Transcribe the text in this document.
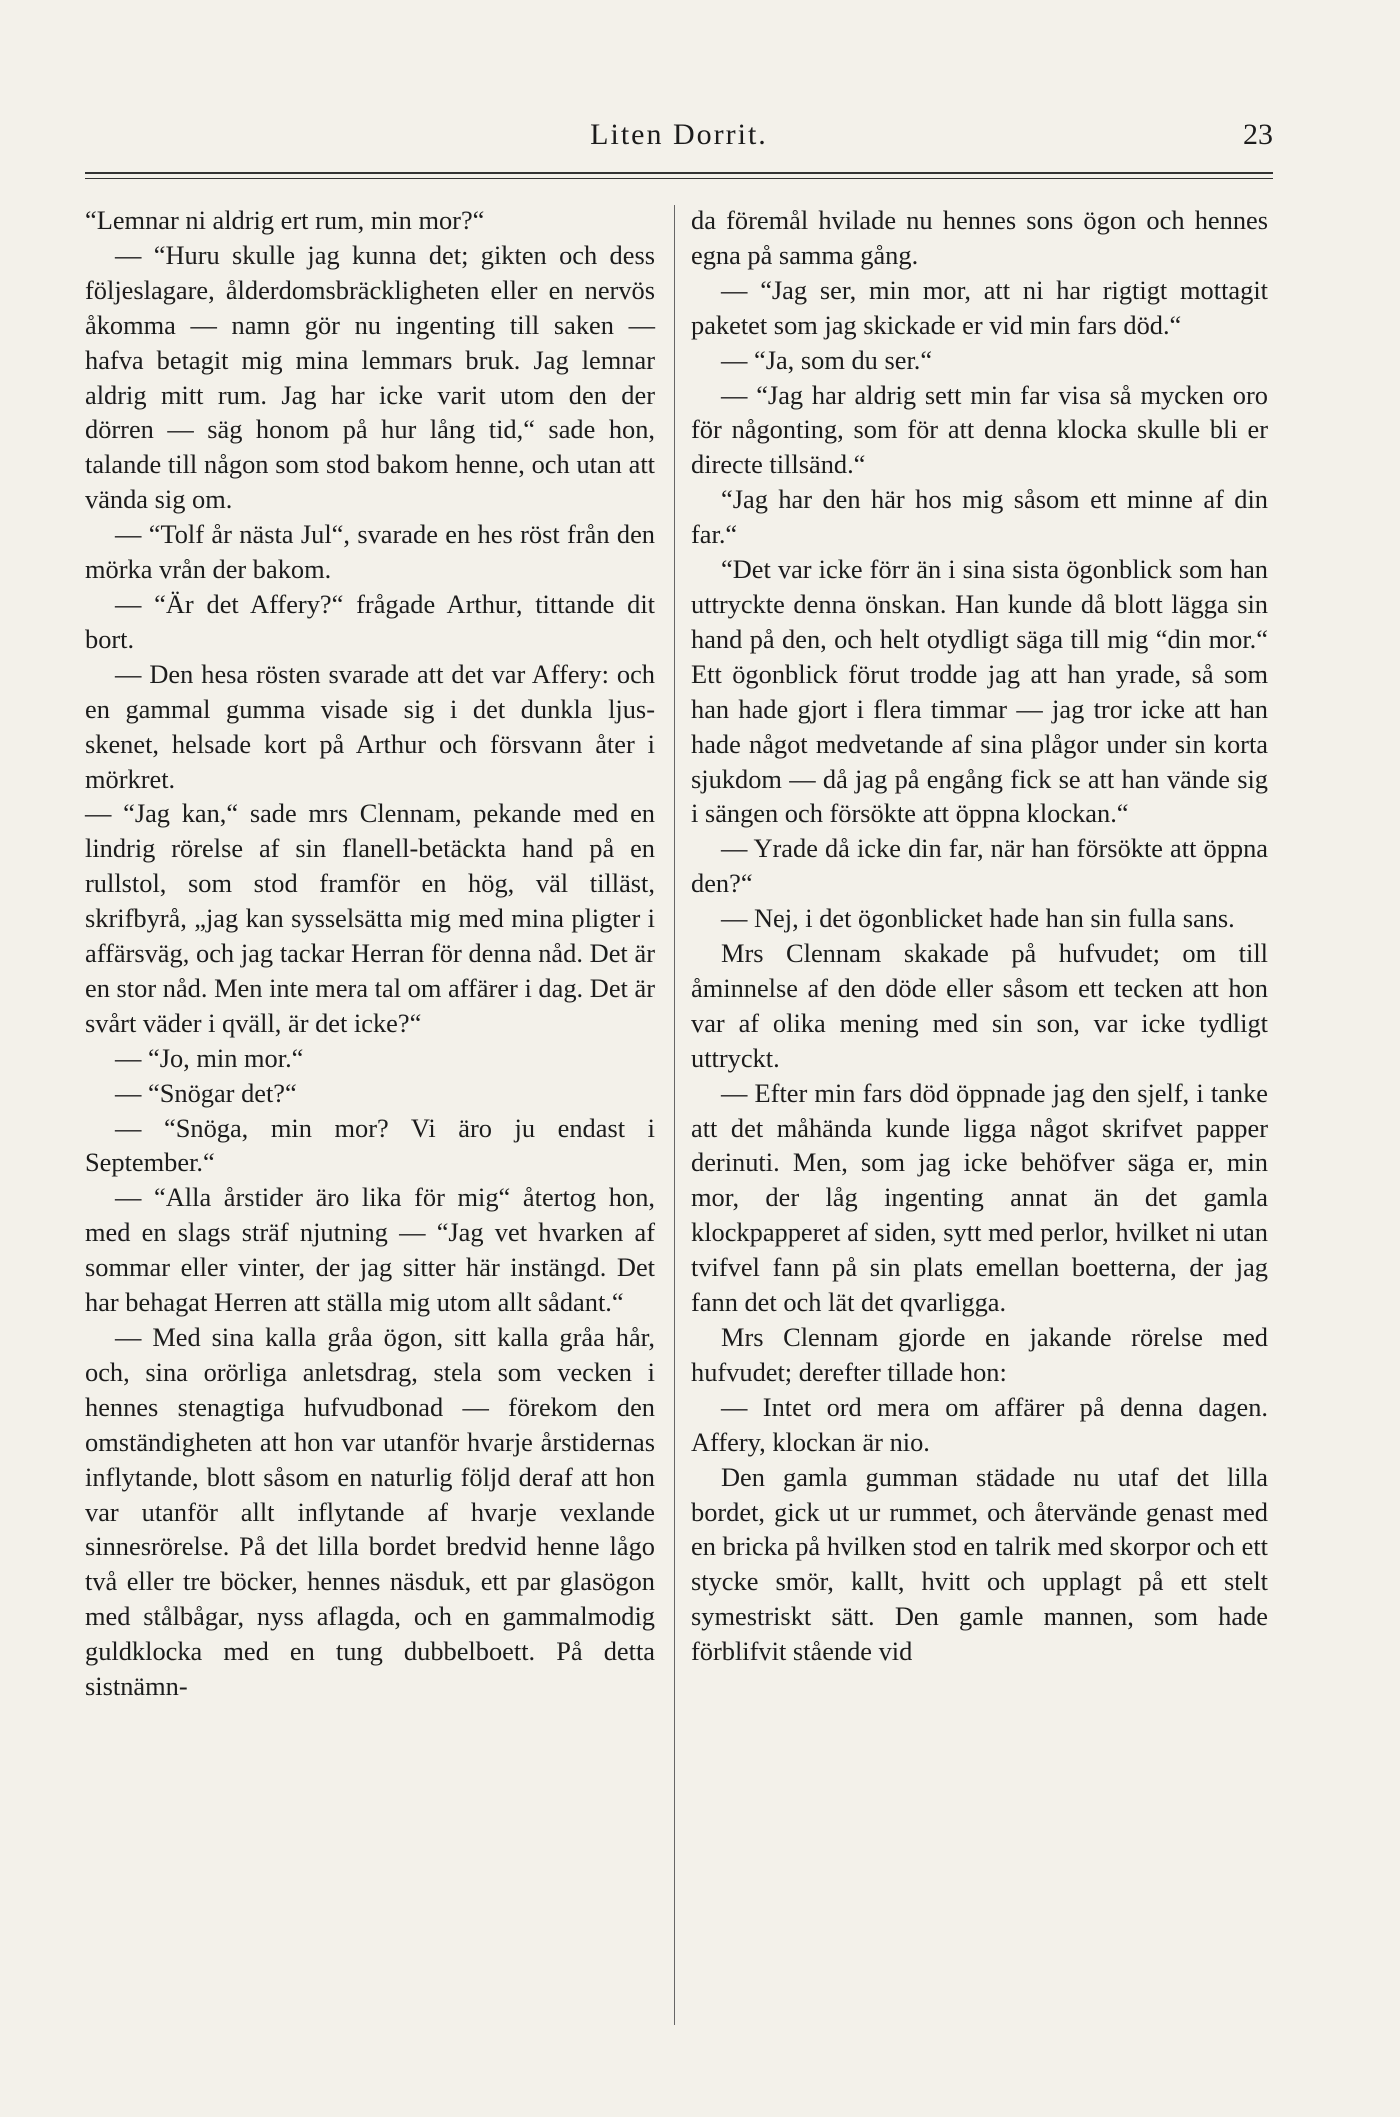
Liten Dorrit.	23

“Lemnar ni aldrig ert rum, min mor?“

— “Huru skulle jag kunna det; gikten och dess följeslagare, ålderdomsbräckligheten eller en nervös åkomma — namn gör nu ingenting till saken — hafva betagit mig mina lemmars bruk. Jag lemnar aldrig mitt rum. Jag har icke varit utom den der dörren — säg honom på hur lång tid,“ sade hon, talande till någon som stod bakom henne, och utan att vända sig om.

— “Tolf år nästa Jul“, svarade en hes röst från den mörka vrån der bakom.

— “Är det Affery?“ frågade Arthur, tittande dit bort.

— Den hesa rösten svarade att det var Affery: och en gammal gumma visade sig i det dunkla ljus-skenet, helsade kort på Arthur och försvann åter i mörkret.

— “Jag kan,“ sade mrs Clennam, pekande med en lindrig rörelse af sin flanell-betäckta hand på en rullstol, som stod framför en hög, väl tilläst, skrifbyrå, „jag kan sysselsätta mig med mina pligter i affärsväg, och jag tackar Herran för denna nåd. Det är en stor nåd. Men inte mera tal om affärer i dag. Det är svårt väder i qväll, är det icke?“

— “Jo, min mor.“

— “Snögar det?“

— “Snöga, min mor? Vi äro ju endast i September.“

— “Alla årstider äro lika för mig“ återtog hon, med en slags sträf njutning — “Jag vet hvarken af sommar eller vinter, der jag sitter här instängd. Det har behagat Herren att ställa mig utom allt sådant.“

— Med sina kalla gråa ögon, sitt kalla gråa hår, och, sina orörliga anletsdrag, stela som vecken i hennes stenagtiga hufvudbonad — förekom den omständigheten att hon var utanför hvarje årstidernas inflytande, blott såsom en naturlig följd deraf att hon var utanför allt inflytande af hvarje vexlande sinnesrörelse. På det lilla bordet bredvid henne lågo två eller tre böcker, hennes näsduk, ett par glasögon med stålbågar, nyss aflagda, och en gammalmodig guldklocka med en tung dubbelboett. På detta sistnämn-

da föremål hvilade nu hennes sons ögon och hennes egna på samma gång.

— “Jag ser, min mor, att ni har rigtigt mottagit paketet som jag skickade er vid min fars död.“

— “Ja, som du ser.“

— “Jag har aldrig sett min far visa så mycken oro för någonting, som för att denna klocka skulle bli er directe tillsänd.“

“Jag har den här hos mig såsom ett minne af din far.“

“Det var icke förr än i sina sista ögonblick som han uttryckte denna önskan. Han kunde då blott lägga sin hand på den, och helt otydligt säga till mig “din mor.“ Ett ögonblick förut trodde jag att han yrade, så som han hade gjort i flera timmar — jag tror icke att han hade något medvetande af sina plågor under sin korta sjukdom — då jag på engång fick se att han vände sig i sängen och försökte att öppna klockan.“

— Yrade då icke din far, när han försökte att öppna den?“

— Nej, i det ögonblicket hade han sin fulla sans.

Mrs Clennam skakade på hufvudet; om till åminnelse af den döde eller såsom ett tecken att hon var af olika mening med sin son, var icke tydligt uttryckt.

— Efter min fars död öppnade jag den sjelf, i tanke att det måhända kunde ligga något skrifvet papper derinuti. Men, som jag icke behöfver säga er, min mor, der låg ingenting annat än det gamla klockpapperet af siden, sytt med perlor, hvilket ni utan tvifvel fann på sin plats emellan boetterna, der jag fann det och lät det qvarligga.

Mrs Clennam gjorde en jakande rörelse med hufvudet; derefter tillade hon:

— Intet ord mera om affärer på denna dagen. Affery, klockan är nio.

Den gamla gumman städade nu utaf det lilla bordet, gick ut ur rummet, och återvände genast med en bricka på hvilken stod en talrik med skorpor och ett stycke smör, kallt, hvitt och upplagt på ett stelt symestriskt sätt. Den gamle mannen, som hade förblifvit stående vid
